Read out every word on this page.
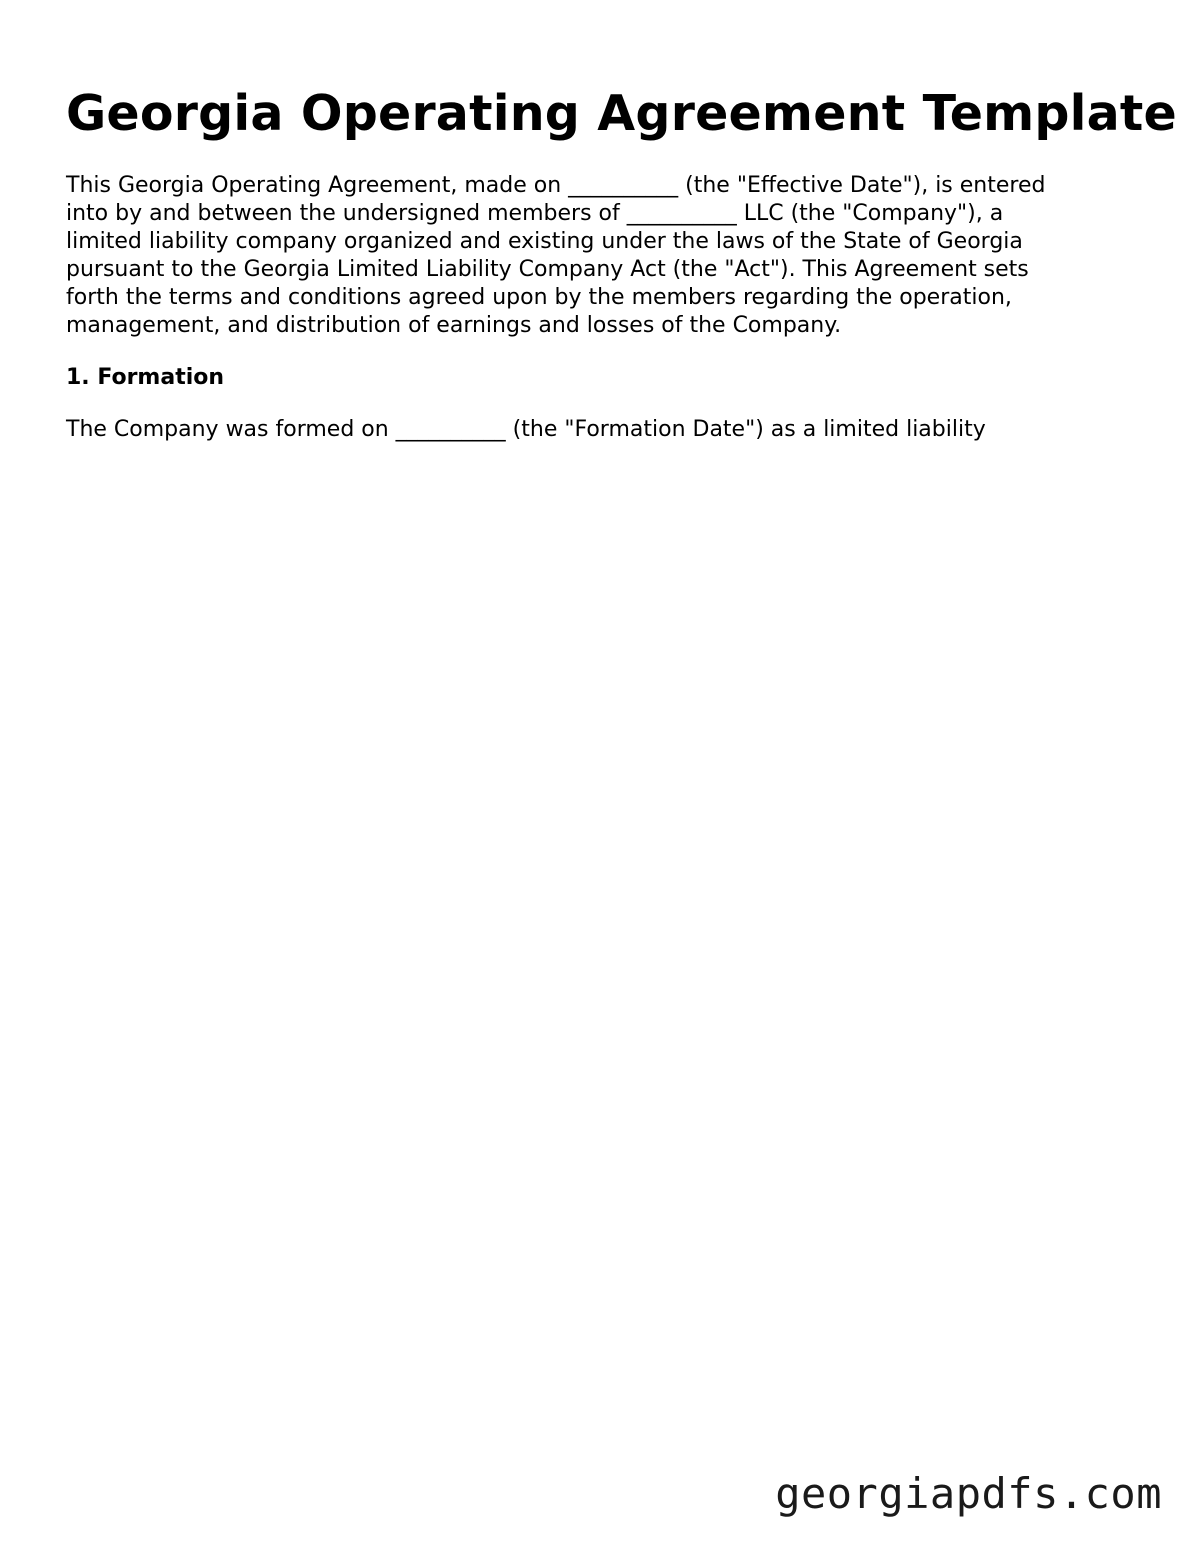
Georgia Operating Agreement Template

This Georgia Operating Agreement, made on __________ (the "Effective Date"), is entered
into by and between the undersigned members of __________ LLC (the "Company"), a
limited liability company organized and existing under the laws of the State of Georgia
pursuant to the Georgia Limited Liability Company Act (the "Act"). This Agreement sets
forth the terms and conditions agreed upon by the members regarding the operation,
management, and distribution of earnings and losses of the Company.

1. Formation

The Company was formed on __________ (the "Formation Date") as a limited liability

georgiapdfs.com
